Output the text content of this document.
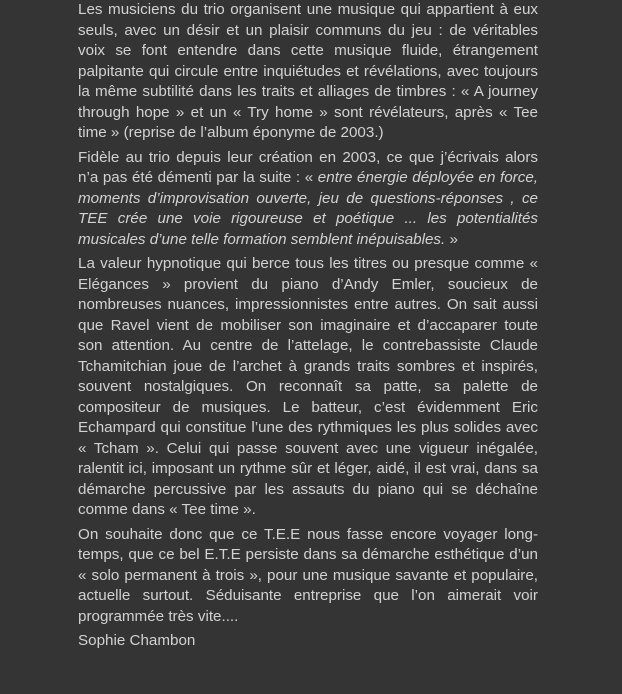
Les musiciens du trio organisent une musique qui appartient à eux seuls, avec un désir et un plaisir communs du jeu : de véritables voix se font entendre dans cette musique fluide, étrangement palpitante qui circule entre inquiétudes et révélations, avec toujours la même subtilité dans les traits et alliages de timbres : « A journey through hope » et un « Try home » sont révélateurs, après « Tee time » (reprise de l’album éponyme de 2003.)

Fidèle au trio depuis leur création en 2003, ce que j’écrivais alors n’a pas été démenti par la suite : « entre énergie déployée en force, moments d’improvisation ouverte, jeu de questions-réponses , ce TEE crée une voie rigoureuse et poétique ... les potentialités musicales d’une telle formation semblent inépuisables. »

La valeur hypnotique qui berce tous les titres ou presque comme « Elégances » provient du piano d’Andy Emler, soucieux de nombreuses nuances, impressionnistes entre autres. On sait aussi que Ravel vient de mobiliser son imaginaire et d’accaparer toute son attention. Au centre de l’attelage, le contrebassiste Claude Tchamitchian joue de l’archet à grands traits sombres et inspirés, souvent nostalgiques. On reconnaît sa patte, sa palette de compositeur de musiques. Le batteur, c’est évidemment Eric Echampard qui constitue l’une des rythmiques les plus solides avec « Tcham ». Celui qui passe souvent avec une vigueur inégalée, ralentit ici, imposant un rythme sûr et léger, aidé, il est vrai, dans sa démarche percussive par les assauts du piano qui se déchaîne comme dans « Tee time ».

On souhaite donc que ce T.E.E nous fasse encore voyager longtemps, que ce bel E.T.E persiste dans sa démarche esthétique d’un « solo permanent à trois », pour une musique savante et populaire, actuelle surtout. Séduisante entreprise que l’on aimerait voir programmée très vite....

Sophie Chambon
